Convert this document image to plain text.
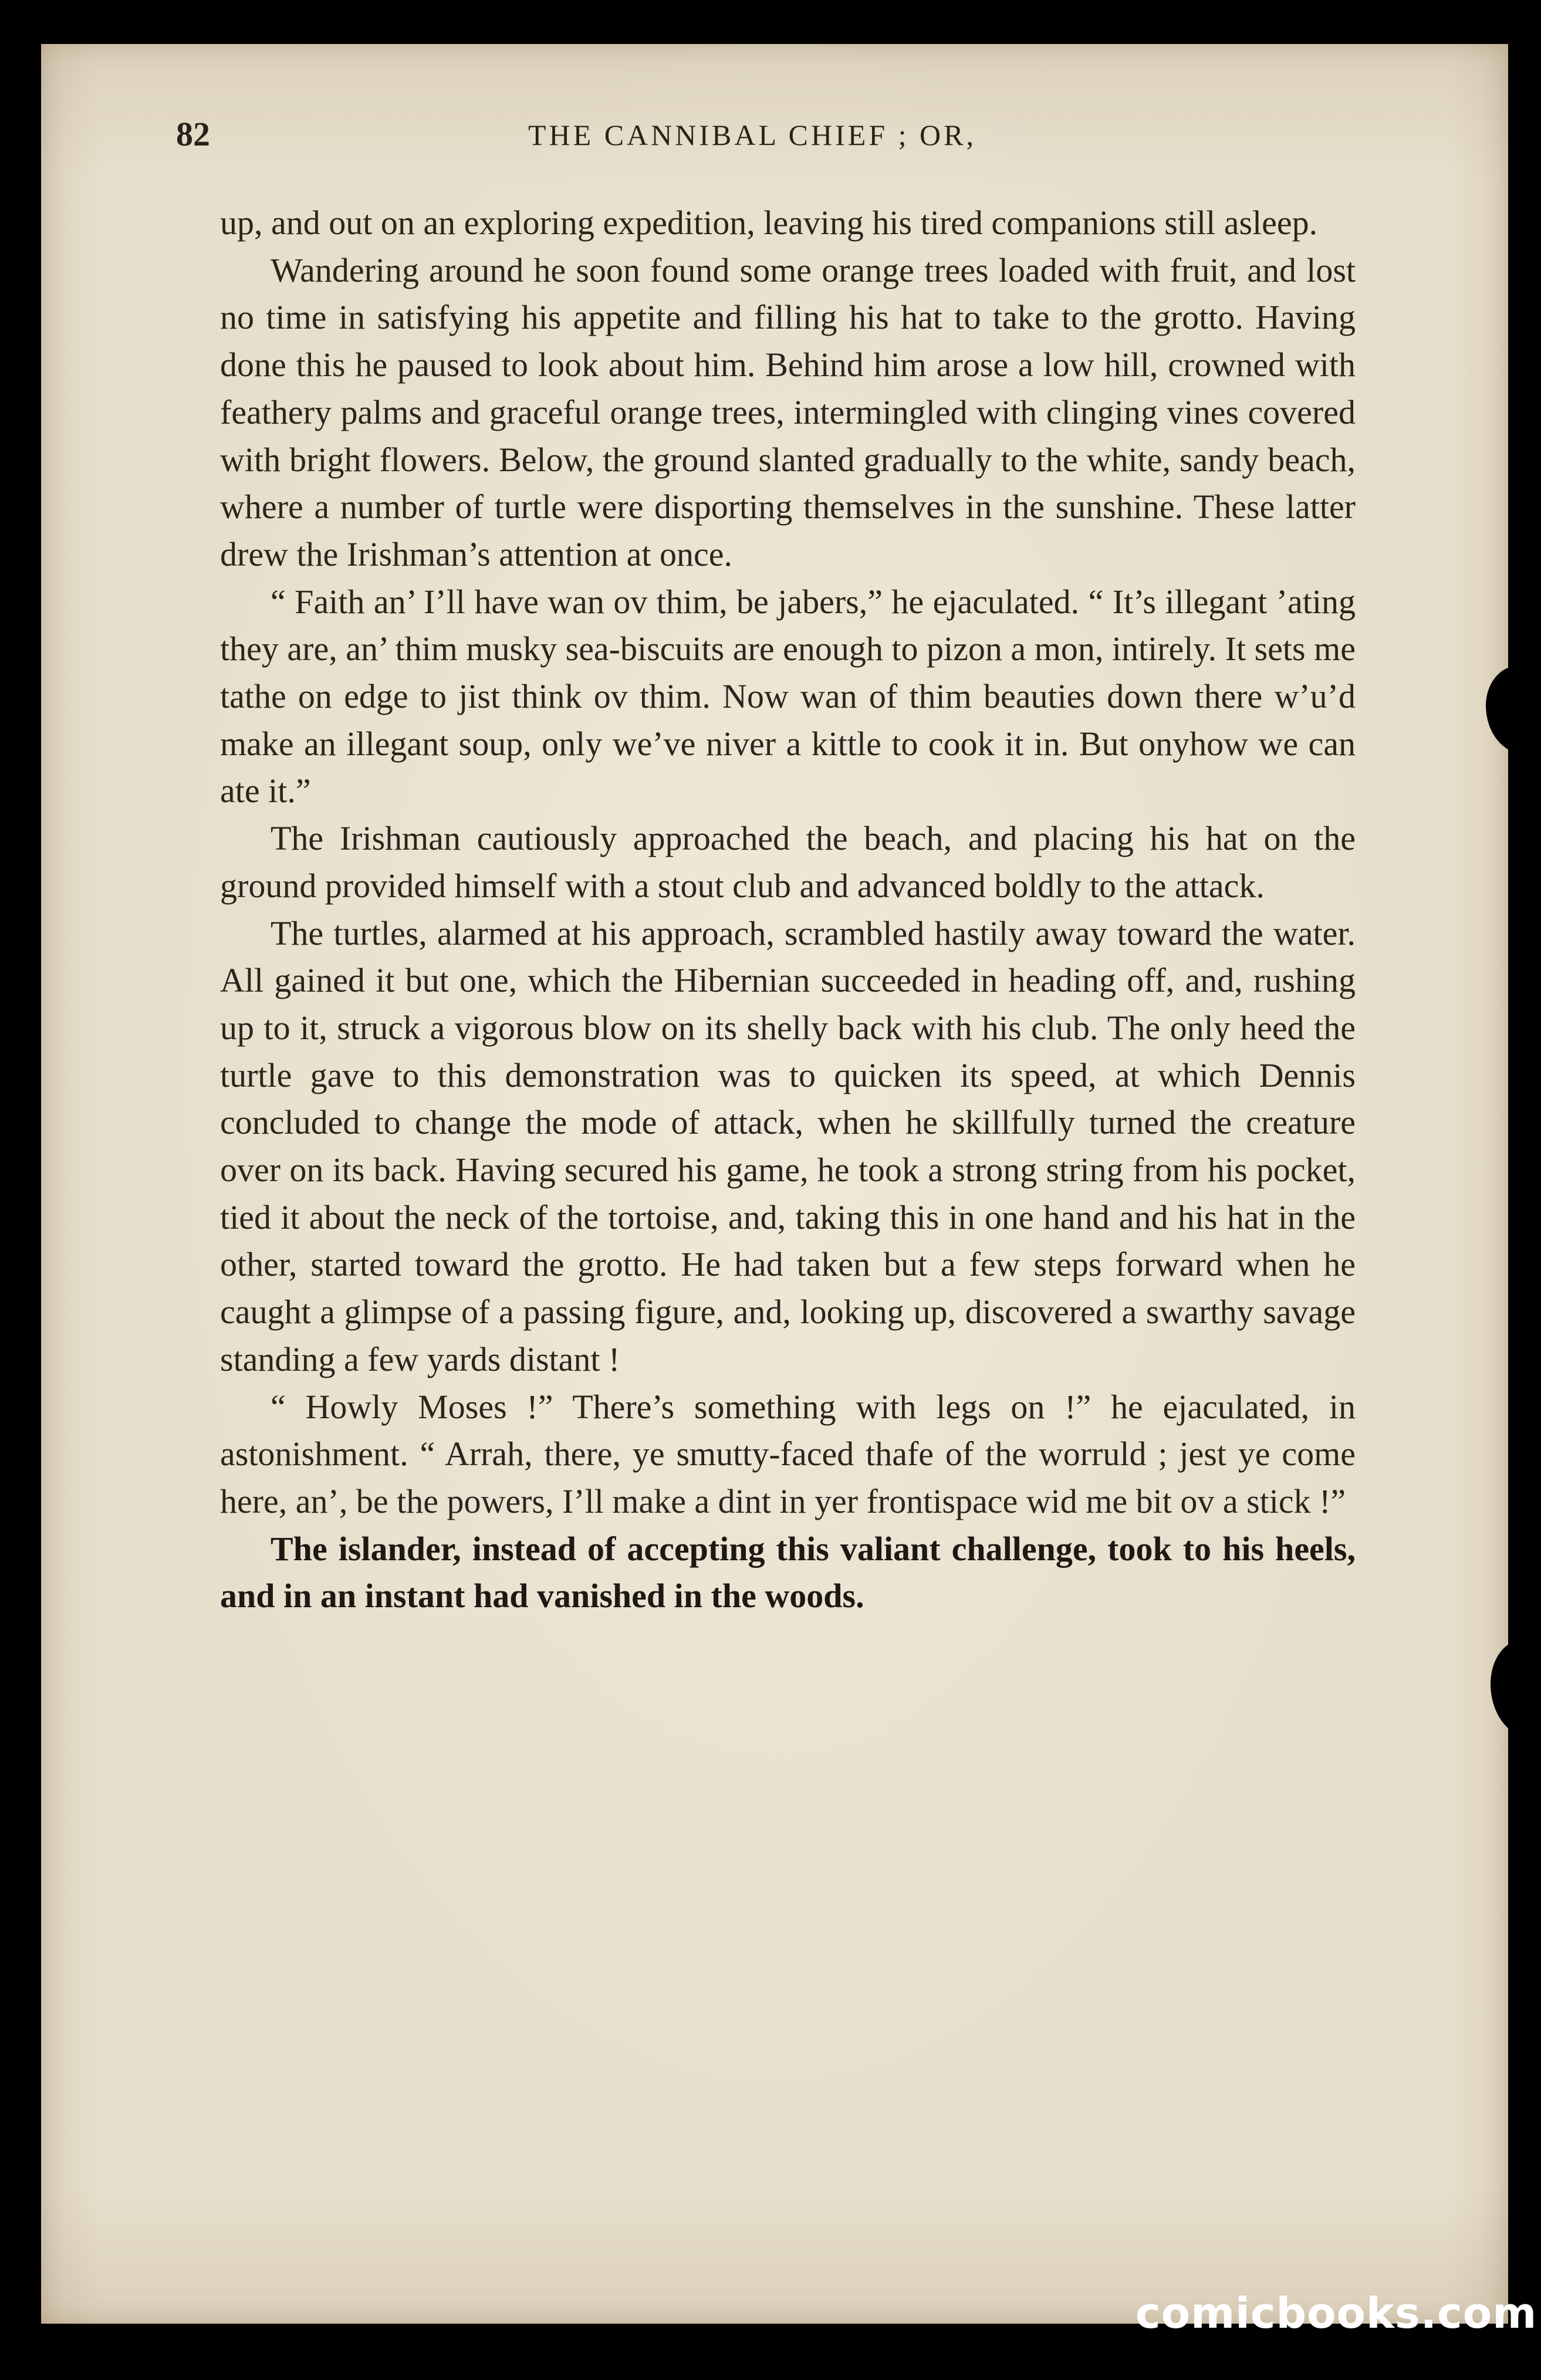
82	THE CANNIBAL CHIEF ; OR,

up, and out on an exploring expedition, leaving his tired companions still asleep.

Wandering around he soon found some orange trees loaded with fruit, and lost no time in satisfying his appetite and filling his hat to take to the grotto. Having done this he paused to look about him. Behind him arose a low hill, crowned with feathery palms and graceful orange trees, intermingled with clinging vines covered with bright flowers. Below, the ground slanted gradually to the white, sandy beach, where a number of turtle were disporting themselves in the sunshine. These latter drew the Irishman’s attention at once.

“ Faith an’ I’ll have wan ov thim, be jabers,” he ejaculated. “ It’s illegant ’ating they are, an’ thim musky sea-biscuits are enough to pizon a mon, intirely. It sets me tathe on edge to jist think ov thim. Now wan of thim beauties down there w’u’d make an illegant soup, only we’ve niver a kittle to cook it in. But onyhow we can ate it.”

The Irishman cautiously approached the beach, and placing his hat on the ground provided himself with a stout club and advanced boldly to the attack.

The turtles, alarmed at his approach, scrambled hastily away toward the water. All gained it but one, which the Hibernian succeeded in heading off, and, rushing up to it, struck a vigorous blow on its shelly back with his club. The only heed the turtle gave to this demonstration was to quicken its speed, at which Dennis concluded to change the mode of attack, when he skillfully turned the creature over on its back. Having secured his game, he took a strong string from his pocket, tied it about the neck of the tortoise, and, taking this in one hand and his hat in the other, started toward the grotto. He had taken but a few steps forward when he caught a glimpse of a passing figure, and, looking up, discovered a swarthy savage standing a few yards distant !

“ Howly Moses !” There’s something with legs on !” he ejaculated, in astonishment. “ Arrah, there, ye smutty-faced thafe of the worruld ; jest ye come here, an’, be the powers, I’ll make a dint in yer frontispace wid me bit ov a stick !”

The islander, instead of accepting this valiant challenge, took to his heels, and in an instant had vanished in the woods.

comicbooks.com
